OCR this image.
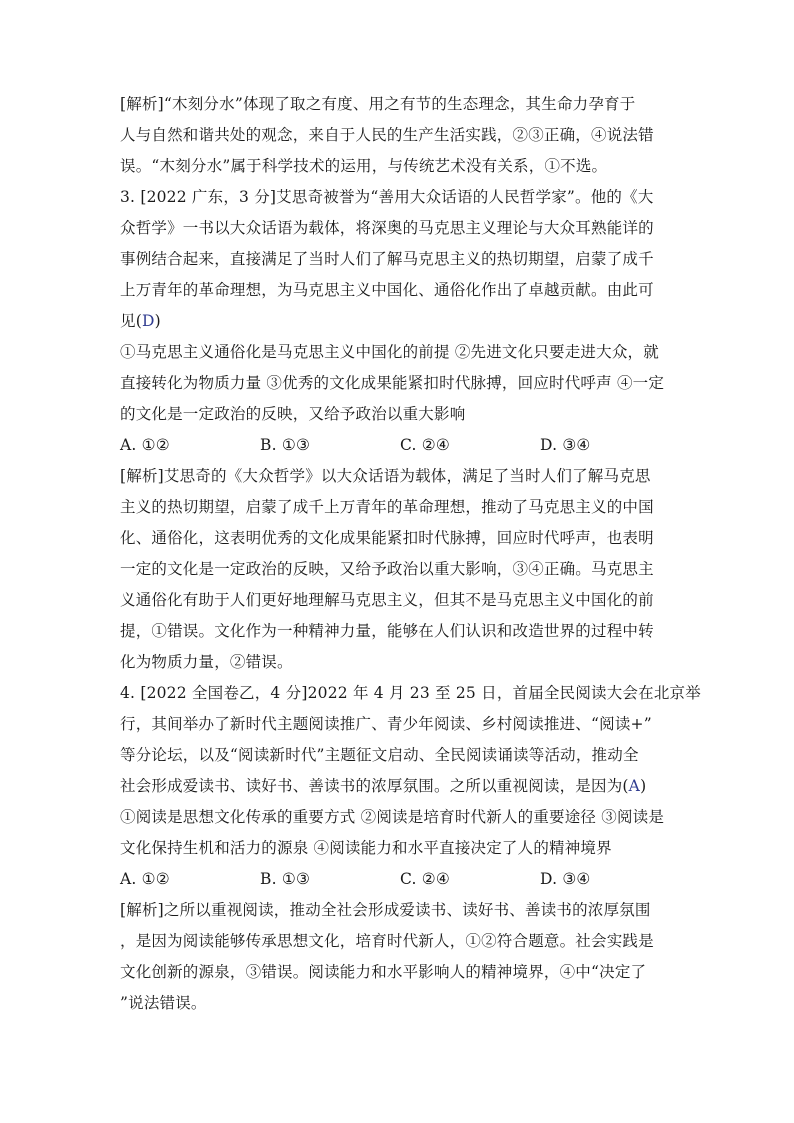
[解析]“木刻分水”体现了取之有度、用之有节的生态理念，其生命力孕育于
人与自然和谐共处的观念，来自于人民的生产生活实践，②③正确，④说法错
误。“木刻分水”属于科学技术的运用，与传统艺术没有关系，①不选。
3. [2022 广东，3 分]艾思奇被誉为“善用大众话语的人民哲学家”。他的《大
众哲学》一书以大众话语为载体，将深奥的马克思主义理论与大众耳熟能详的
事例结合起来，直接满足了当时人们了解马克思主义的热切期望，启蒙了成千
上万青年的革命理想，为马克思主义中国化、通俗化作出了卓越贡献。由此可
见(D)
①马克思主义通俗化是马克思主义中国化的前提 ②先进文化只要走进大众，就
直接转化为物质力量 ③优秀的文化成果能紧扣时代脉搏，回应时代呼声 ④一定
的文化是一定政治的反映，又给予政治以重大影响
A. ①②	B. ①③	C. ②④	D. ③④
[解析]艾思奇的《大众哲学》以大众话语为载体，满足了当时人们了解马克思
主义的热切期望，启蒙了成千上万青年的革命理想，推动了马克思主义的中国
化、通俗化，这表明优秀的文化成果能紧扣时代脉搏，回应时代呼声，也表明
一定的文化是一定政治的反映，又给予政治以重大影响，③④正确。马克思主
义通俗化有助于人们更好地理解马克思主义，但其不是马克思主义中国化的前
提，①错误。文化作为一种精神力量，能够在人们认识和改造世界的过程中转
化为物质力量，②错误。
4. [2022 全国卷乙，4 分]2022 年 4 月 23 至 25 日，首届全民阅读大会在北京举
行，其间举办了新时代主题阅读推广、青少年阅读、乡村阅读推进、“阅读+”
等分论坛，以及“阅读新时代”主题征文启动、全民阅读诵读等活动，推动全
社会形成爱读书、读好书、善读书的浓厚氛围。之所以重视阅读，是因为(A)
①阅读是思想文化传承的重要方式 ②阅读是培育时代新人的重要途径 ③阅读是
文化保持生机和活力的源泉 ④阅读能力和水平直接决定了人的精神境界
A. ①②	B. ①③	C. ②④	D. ③④
[解析]之所以重视阅读，推动全社会形成爱读书、读好书、善读书的浓厚氛围
，是因为阅读能够传承思想文化，培育时代新人，①②符合题意。社会实践是
文化创新的源泉，③错误。阅读能力和水平影响人的精神境界，④中“决定了
”说法错误。
